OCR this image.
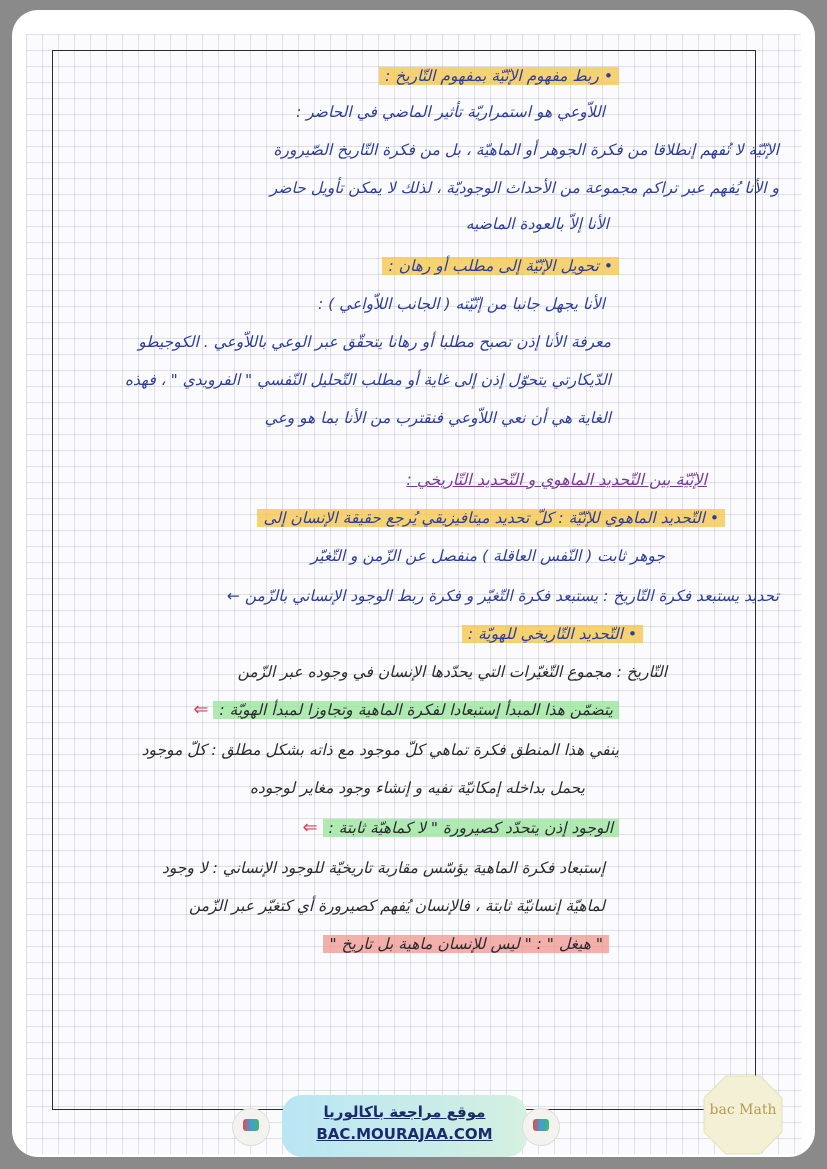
• ربط مفهوم الإنّيّة بمفهوم التّاريخ :
اللاّوعي هو استمراريّة تأثير الماضي في الحاضر :
الإنّيّة لا تُفهم إنطلاقا من فكرة الجوهر أو الماهيّة ، بل من فكرة التّاريخ الصّيرورة
و الأنا يُفهم عبر تراكم مجموعة من الأحداث الوجوديّة ، لذلك لا يمكن تأويل حاضر
الأنا إلاّ بالعودة الماضيه
• تحويل الإنّيّة إلى مطلب أو رهان :
الأنا يجهل جانبا من إنّيّته ( الجانب اللاّواعي ) :
معرفة الأنا إذن تصبح مطلبا أو رهانا يتحقّق عبر الوعي باللاّوعي . الكوجيطو
الدّيكارتي يتحوّل إذن إلى غاية أو مطلب التّحليل النّفسي " الفرويدي " ، فهذه
الغاية هي أن نعي اللاّوعي فنقترب من الأنا بما هو وعي
الإنّيّة بين التّحديد الماهوي و التّحديد التّاريخي :
• التّحديد الماهوي للإنّيّة : كلّ تحديد ميتافيزيقي يُرجع حقيقة الإنسان إلى
جوهر ثابت ( النّفس العاقلة ) منفصل عن الزّمن و التّغيّر
تحديد يستبعد فكرة التّاريخ : يستبعد فكرة التّغيّر و فكرة ربط الوجود الإنساني بالزّمن ←
• التّحديد التّاريخي للهويّة :
التّاريخ : مجموع التّغيّرات التي يحدّدها الإنسان في وجوده عبر الزّمن
يتضمّن هذا المبدأ إستبعادا لفكرة الماهية وتجاوزا لمبدأ الهويّة : ⇐
ينفي هذا المنطق فكرة تماهي كلّ موجود مع ذاته بشكل مطلق : كلّ موجود
يحمل بداخله إمكانيّة نفيه و إنشاء وجود مغاير لوجوده
الوجود إذن يتحدّد كصيرورة " لا كماهيّة ثابتة : ⇐
إستبعاد فكرة الماهية يؤسّس مقاربة تاريخيّة للوجود الإنساني : لا وجود
لماهيّة إنسانيّة ثابتة ، فالإنسان يُفهم كصيرورة أي كتغيّر عبر الزّمن
" هيغل " : " ليس للإنسان ماهية بل تاريخ "
موقع مراجعة باكالوريا
BAC.MOURAJAA.COM
bac Math
